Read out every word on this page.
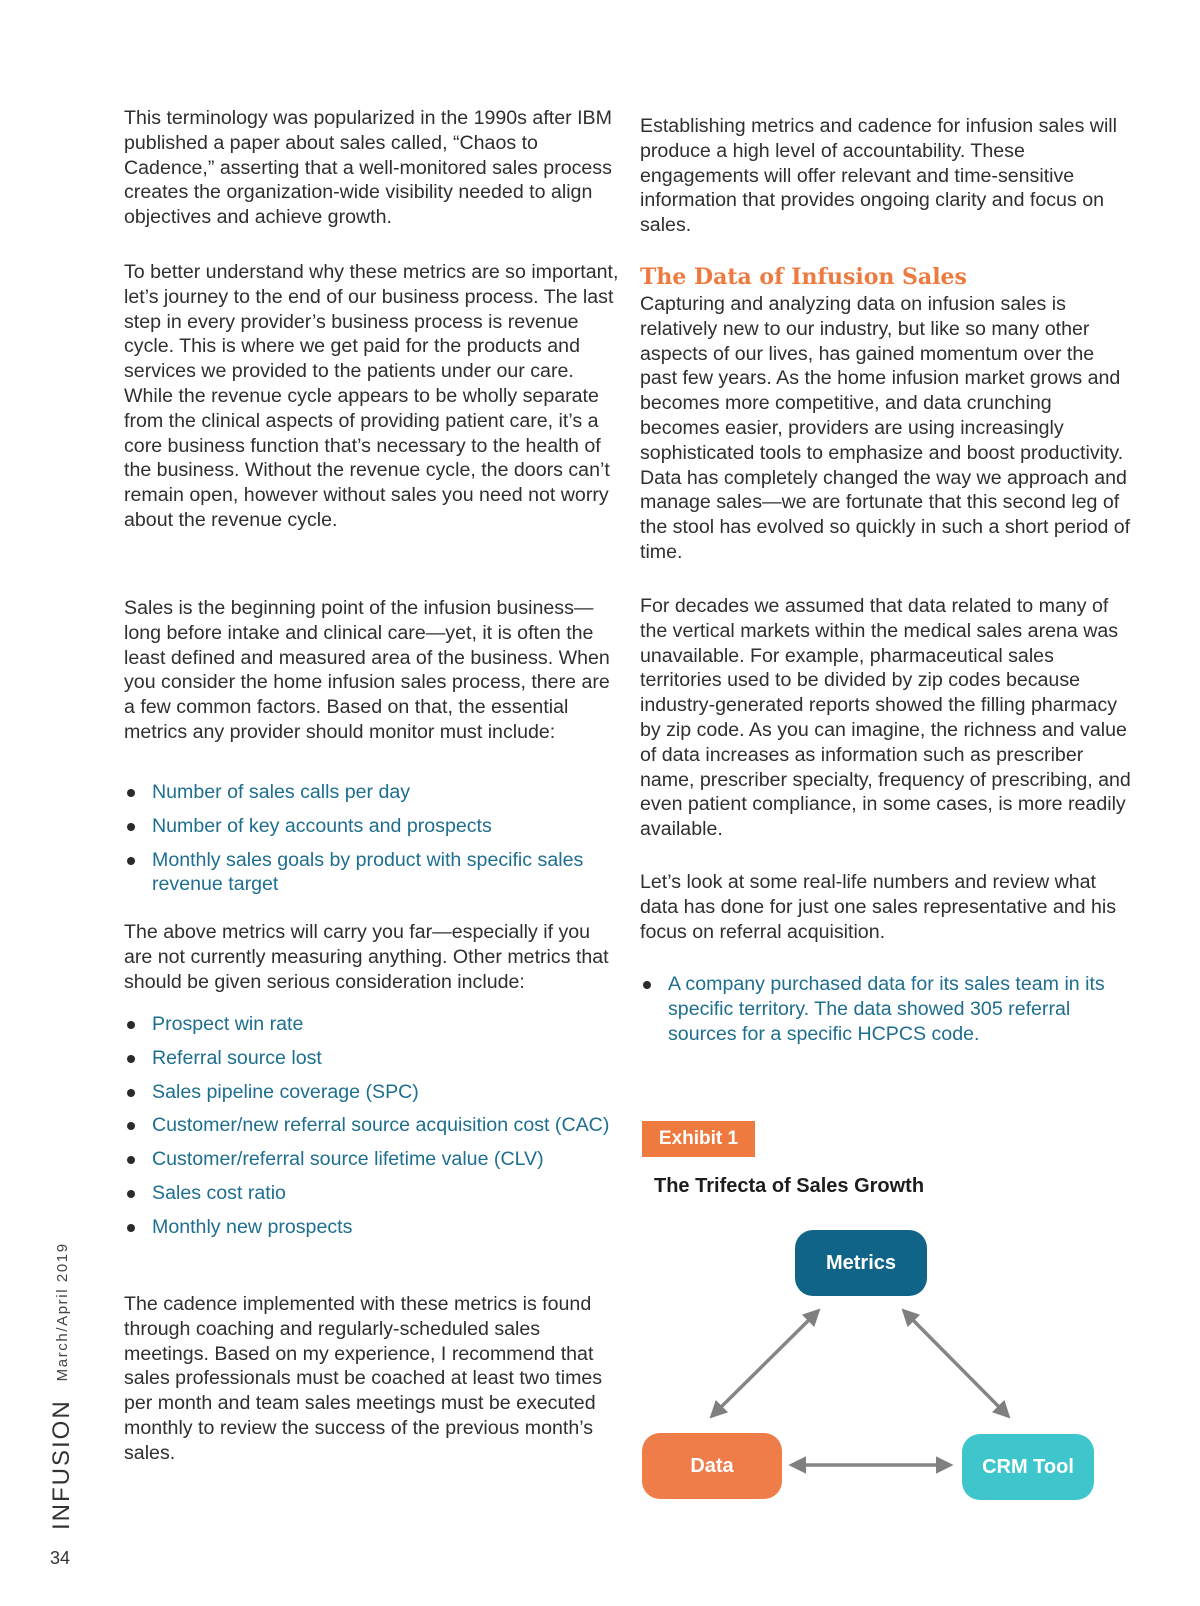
This terminology was popularized in the 1990s after IBM published a paper about sales called, “Chaos to Cadence,” asserting that a well-monitored sales process creates the organization-wide visibility needed to align objectives and achieve growth.

To better understand why these metrics are so important, let’s journey to the end of our business process. The last step in every provider’s business process is revenue cycle. This is where we get paid for the products and services we provided to the patients under our care. While the revenue cycle appears to be wholly separate from the clinical aspects of providing patient care, it’s a core business function that’s necessary to the health of the business. Without the revenue cycle, the doors can’t remain open, however without sales you need not worry about the revenue cycle.

Sales is the beginning point of the infusion business—long before intake and clinical care—yet, it is often the least defined and measured area of the business. When you consider the home infusion sales process, there are a few common factors. Based on that, the essential metrics any provider should monitor must include:

Number of sales calls per day
Number of key accounts and prospects
Monthly sales goals by product with specific sales revenue target

The above metrics will carry you far—especially if you are not currently measuring anything. Other metrics that should be given serious consideration include:

Prospect win rate
Referral source lost
Sales pipeline coverage (SPC)
Customer/new referral source acquisition cost (CAC)
Customer/referral source lifetime value (CLV)
Sales cost ratio
Monthly new prospects

The cadence implemented with these metrics is found through coaching and regularly-scheduled sales meetings. Based on my experience, I recommend that sales professionals must be coached at least two times per month and team sales meetings must be executed monthly to review the success of the previous month’s sales.

Establishing metrics and cadence for infusion sales will produce a high level of accountability. These engagements will offer relevant and time-sensitive information that provides ongoing clarity and focus on sales.

The Data of Infusion Sales

Capturing and analyzing data on infusion sales is relatively new to our industry, but like so many other aspects of our lives, has gained momentum over the past few years. As the home infusion market grows and becomes more competitive, and data crunching becomes easier, providers are using increasingly sophisticated tools to emphasize and boost productivity. Data has completely changed the way we approach and manage sales—we are fortunate that this second leg of the stool has evolved so quickly in such a short period of time.

For decades we assumed that data related to many of the vertical markets within the medical sales arena was unavailable. For example, pharmaceutical sales territories used to be divided by zip codes because industry-generated reports showed the filling pharmacy by zip code. As you can imagine, the richness and value of data increases as information such as prescriber name, prescriber specialty, frequency of prescribing, and even patient compliance, in some cases, is more readily available.

Let’s look at some real-life numbers and review what data has done for just one sales representative and his focus on referral acquisition.

A company purchased data for its sales team in its specific territory. The data showed 305 referral sources for a specific HCPCS code.
Exhibit 1
The Trifecta of Sales Growth
Metrics
Data	CRM Tool
INFUSIONMarch/April 2019
34
